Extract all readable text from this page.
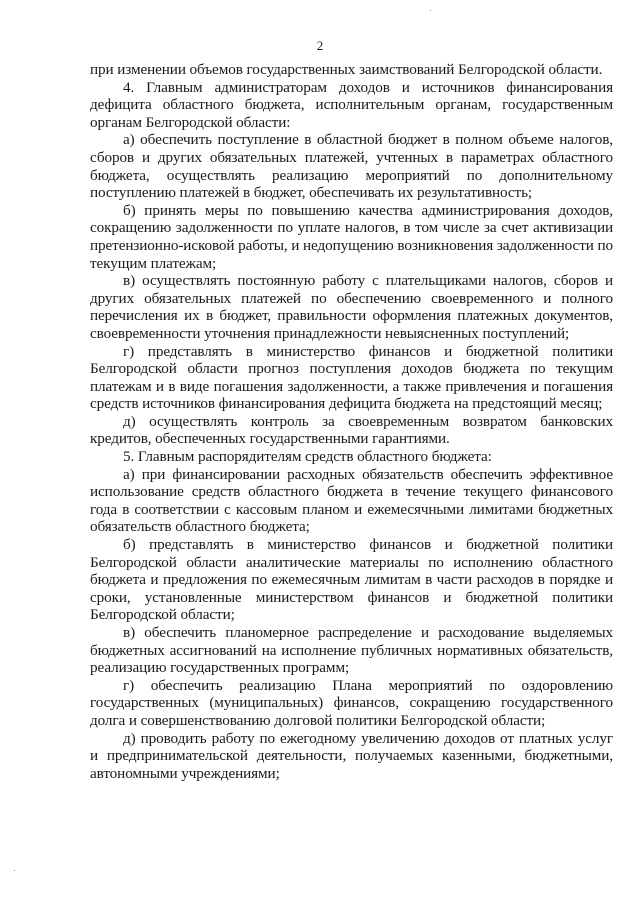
2

при изменении объемов государственных заимствований Белгородской области.

4. Главным администраторам доходов и источников финансирования дефицита областного бюджета, исполнительным органам, государственным органам Белгородской области:

а) обеспечить поступление в областной бюджет в полном объеме налогов, сборов и других обязательных платежей, учтенных в параметрах областного бюджета, осуществлять реализацию мероприятий по дополнительному поступлению платежей в бюджет, обеспечивать их результативность;

б) принять меры по повышению качества администрирования доходов, сокращению задолженности по уплате налогов, в том числе за счет активизации претензионно-исковой работы, и недопущению возникновения задолженности по текущим платежам;

в) осуществлять постоянную работу с плательщиками налогов, сборов и других обязательных платежей по обеспечению своевременного и полного перечисления их в бюджет, правильности оформления платежных документов, своевременности уточнения принадлежности невыясненных поступлений;

г) представлять в министерство финансов и бюджетной политики Белгородской области прогноз поступления доходов бюджета по текущим платежам и в виде погашения задолженности, а также привлечения и погашения средств источников финансирования дефицита бюджета на предстоящий месяц;

д) осуществлять контроль за своевременным возвратом банковских кредитов, обеспеченных государственными гарантиями.

5. Главным распорядителям средств областного бюджета:

а) при финансировании расходных обязательств обеспечить эффективное использование средств областного бюджета в течение текущего финансового года в соответствии с кассовым планом и ежемесячными лимитами бюджетных обязательств областного бюджета;

б) представлять в министерство финансов и бюджетной политики Белгородской области аналитические материалы по исполнению областного бюджета и предложения по ежемесячным лимитам в части расходов в порядке и сроки, установленные министерством финансов и бюджетной политики Белгородской области;

в) обеспечить планомерное распределение и расходование выделяемых бюджетных ассигнований на исполнение публичных нормативных обязательств, реализацию государственных программ;

г) обеспечить реализацию Плана мероприятий по оздоровлению государственных (муниципальных) финансов, сокращению государственного долга и совершенствованию долговой политики Белгородской области;

д) проводить работу по ежегодному увеличению доходов от платных услуг и предпринимательской деятельности, получаемых казенными, бюджетными, автономными учреждениями;
